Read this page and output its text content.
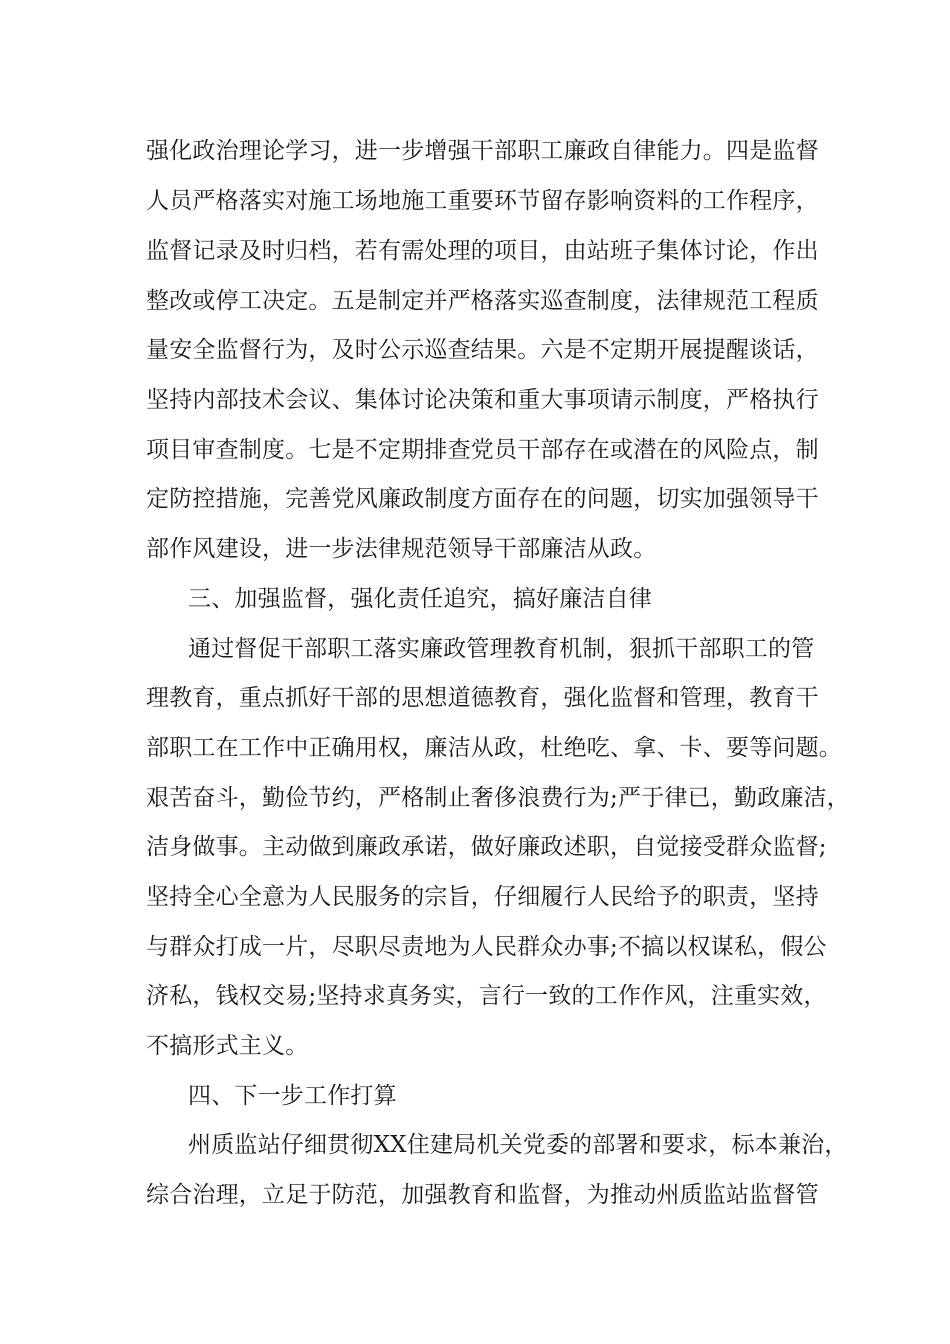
强化政治理论学习，进一步增强干部职工廉政自律能力。四是监督
人员严格落实对施工场地施工重要环节留存影响资料的工作程序，
监督记录及时归档，若有需处理的项目，由站班子集体讨论，作出
整改或停工决定。五是制定并严格落实巡查制度，法律规范工程质
量安全监督行为，及时公示巡查结果。六是不定期开展提醒谈话，
坚持内部技术会议、集体讨论决策和重大事项请示制度，严格执行
项目审查制度。七是不定期排查党员干部存在或潜在的风险点，制
定防控措施，完善党风廉政制度方面存在的问题，切实加强领导干
部作风建设，进一步法律规范领导干部廉洁从政。
三、加强监督，强化责任追究，搞好廉洁自律
通过督促干部职工落实廉政管理教育机制，狠抓干部职工的管
理教育，重点抓好干部的思想道德教育，强化监督和管理，教育干
部职工在工作中正确用权，廉洁从政，杜绝吃、拿、卡、要等问题。
艰苦奋斗，勤俭节约，严格制止奢侈浪费行为;严于律已，勤政廉洁，
洁身做事。主动做到廉政承诺，做好廉政述职，自觉接受群众监督;
坚持全心全意为人民服务的宗旨，仔细履行人民给予的职责，坚持
与群众打成一片，尽职尽责地为人民群众办事;不搞以权谋私，假公
济私，钱权交易;坚持求真务实，言行一致的工作作风，注重实效，
不搞形式主义。
四、下一步工作打算
州质监站仔细贯彻XX住建局机关党委的部署和要求，标本兼治，
综合治理，立足于防范，加强教育和监督，为推动州质监站监督管
